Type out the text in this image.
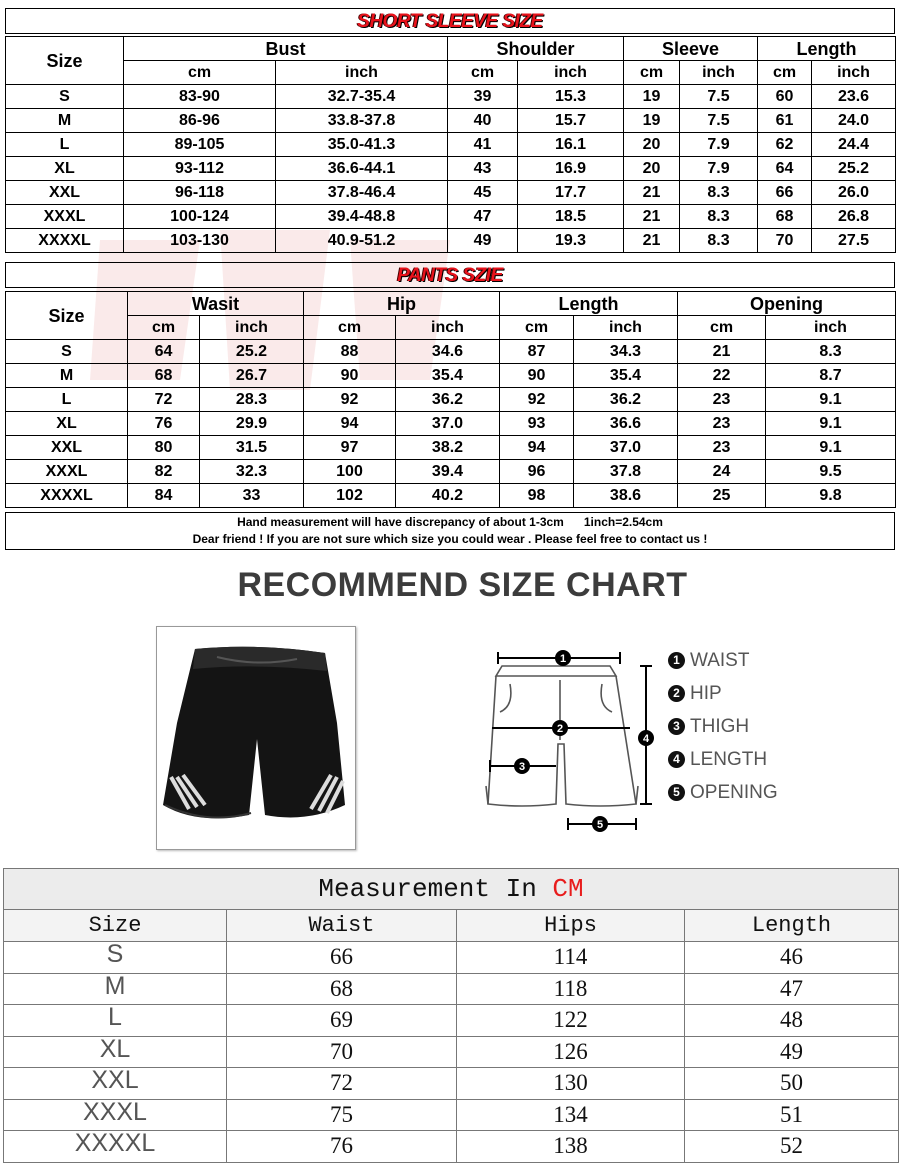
SHORT SLEEVE SIZE
Size	Bust		Shoulder		Sleeve		Length	
	cm	inch	cm	inch	cm	inch	cm	inch
S	83-90	32.7-35.4	39	15.3	19	7.5	60	23.6
M	86-96	33.8-37.8	40	15.7	19	7.5	61	24.0
L	89-105	35.0-41.3	41	16.1	20	7.9	62	24.4
XL	93-112	36.6-44.1	43	16.9	20	7.9	64	25.2
XXL	96-118	37.8-46.4	45	17.7	21	8.3	66	26.0
XXXL	100-124	39.4-48.8	47	18.5	21	8.3	68	26.8
XXXXL	103-130	40.9-51.2	49	19.3	21	8.3	70	27.5
PANTS SZIE
Size	Wasit		Hip		Length		Opening	
	cm	inch	cm	inch	cm	inch	cm	inch
S	64	25.2	88	34.6	87	34.3	21	8.3
M	68	26.7	90	35.4	90	35.4	22	8.7
L	72	28.3	92	36.2	92	36.2	23	9.1
XL	76	29.9	94	37.0	93	36.6	23	9.1
XXL	80	31.5	97	38.2	94	37.0	23	9.1
XXXL	82	32.3	100	39.4	96	37.8	24	9.5
XXXXL	84	33	102	40.2	98	38.6	25	9.8
Hand measurement will have discrepancy of about 1-3cm      1inch=2.54cm
Dear friend ! If you are not sure which size you could wear . Please feel free to contact us !
RECOMMEND SIZE CHART
1
2
3
4
5
1 WAIST
2 HIP
3 THIGH
4 LENGTH
5 OPENING
Measurement In CM			
Size	Waist	Hips	Length
S	66	114	46
M	68	118	47
L	69	122	48
XL	70	126	49
XXL	72	130	50
XXXL	75	134	51
XXXXL	76	138	52
